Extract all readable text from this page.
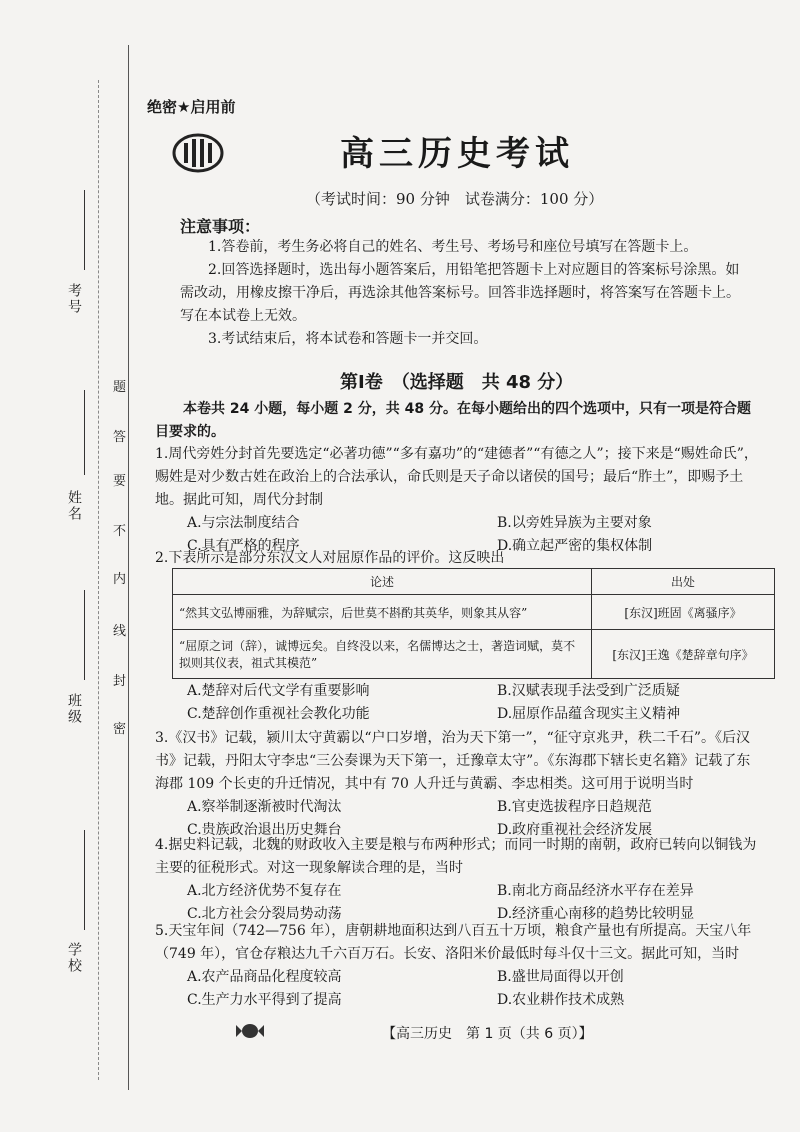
考号
姓名
班级
学校
题
答
要
不
内
线
封
密
绝密★启用前
高三历史考试
（考试时间：90 分钟　试卷满分：100 分）
注意事项：

1.答卷前，考生务必将自己的姓名、考生号、考场号和座位号填写在答题卡上。

2.回答选择题时，选出每小题答案后，用铅笔把答题卡上对应题目的答案标号涂黑。如需改动，用橡皮擦干净后，再选涂其他答案标号。回答非选择题时，将答案写在答题卡上。写在本试卷上无效。

3.考试结束后，将本试卷和答题卡一并交回。

第Ⅰ卷　（选择题　共 48 分）
本卷共 24 小题，每小题 2 分，共 48 分。在每小题给出的四个选项中，只有一项是符合题目要求的。

1.周代旁姓分封首先要选定“必著功德”“多有嘉功”的“建德者”“有德之人”；接下来是“赐姓命氏”，赐姓是对少数古姓在政治上的合法承认，命氏则是天子命以诸侯的国号；最后“胙土”，即赐予土地。据此可知，周代分封制

A.与宗法制度结合	B.以旁姓异族为主要对象
C.具有严格的程序	D.确立起严密的集权体制

2.下表所示是部分东汉文人对屈原作品的评价。这反映出

论述	出处
“然其文弘博丽雅，为辞赋宗，后世莫不斟酌其英华，则象其从容”	[东汉]班固《离骚序》
“屈原之词（辞），诚博远矣。自终没以来，名儒博达之士，著造词赋，莫不拟则其仪表，祖式其模范”	[东汉]王逸《楚辞章句序》
A.楚辞对后代文学有重要影响	B.汉赋表现手法受到广泛质疑
C.楚辞创作重视社会教化功能	D.屈原作品蕴含现实主义精神

3.《汉书》记载，颍川太守黄霸以“户口岁增，治为天下第一”，“征守京兆尹，秩二千石”。《后汉书》记载，丹阳太守李忠“三公奏课为天下第一，迁豫章太守”。《东海郡下辖长吏名籍》记载了东海郡 109 个长吏的升迁情况，其中有 70 人升迁与黄霸、李忠相类。这可用于说明当时

A.察举制逐渐被时代淘汰	B.官吏选拔程序日趋规范
C.贵族政治退出历史舞台	D.政府重视社会经济发展

4.据史料记载，北魏的财政收入主要是粮与布两种形式；而同一时期的南朝，政府已转向以铜钱为主要的征税形式。对这一现象解读合理的是，当时

A.北方经济优势不复存在	B.南北方商品经济水平存在差异
C.北方社会分裂局势动荡	D.经济重心南移的趋势比较明显

5.天宝年间（742—756 年），唐朝耕地面积达到八百五十万顷，粮食产量也有所提高。天宝八年（749 年），官仓存粮达九千六百万石。长安、洛阳米价最低时每斗仅十三文。据此可知，当时

A.农产品商品化程度较高	B.盛世局面得以开创
C.生产力水平得到了提高	D.农业耕作技术成熟
【高三历史　第 1 页（共 6 页）】
